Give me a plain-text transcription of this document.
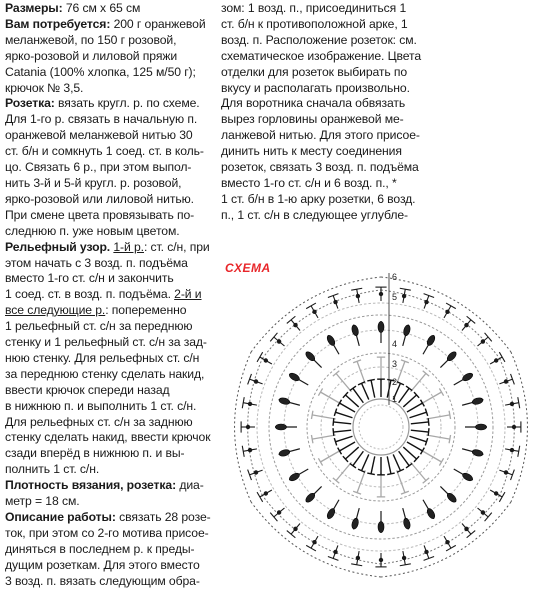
Размеры: 76 см х 65 см

Вам потребуется: 200 г оранжевой
меланжевой, по 150 г розовой,
ярко-розовой и лиловой пряжи
Catania (100% хлопка, 125 м/50 г);
крючок № 3,5.

Розетка: вязать кругл. р. по схеме.
Для 1-го р. связать в начальную п.
оранжевой меланжевой нитью 30
ст. б/н и сомкнуть 1 соед. ст. в коль-
цо. Связать 6 р., при этом выпол-
нить 3-й и 5-й кругл. р. розовой,
ярко-розовой или лиловой нитью.
При смене цвета провязывать по-
следнюю п. уже новым цветом.

Рельефный узор. 1-й р.: ст. с/н, при
этом начать с 3 возд. п. подъёма
вместо 1-го ст. с/н и закончить
1 соед. ст. в возд. п. подъёма. 2-й и
все следующие р.: попеременно
1 рельефный ст. с/н за переднюю
стенку и 1 рельефный ст. с/н за зад-
нюю стенку. Для рельефных ст. с/н
за переднюю стенку сделать накид,
ввести крючок спереди назад
в нижнюю п. и выполнить 1 ст. с/н.
Для рельефных ст. с/н за заднюю
стенку сделать накид, ввести крючок
сзади вперёд в нижнюю п. и вы-
полнить 1 ст. с/н.

Плотность вязания, розетка: диа-
метр = 18 см.

Описание работы: связать 28 розе-
ток, при этом со 2-го мотива присое-
диняться в последнем р. к преды-
дущим розеткам. Для этого вместо
3 возд. п. вязать следующим обра-

зом: 1 возд. п., присоединиться 1
ст. б/н к противоположной арке, 1
возд. п. Расположение розеток: см.
схематическое изображение. Цвета
отделки для розеток выбирать по
вкусу и располагать произвольно.
Для воротника сначала обвязать
вырез горловины оранжевой ме-
ланжевой нитью. Для этого присое-
динить нить к месту соединения
розеток, связать 3 возд. п. подъёма
вместо 1-го ст. с/н и 6 возд. п., *
1 ст. б/н в 1-ю арку розетки, 6 возд.
п., 1 ст. с/н в следующее углубле-

СХЕМА
6
5
4
3
2
1
